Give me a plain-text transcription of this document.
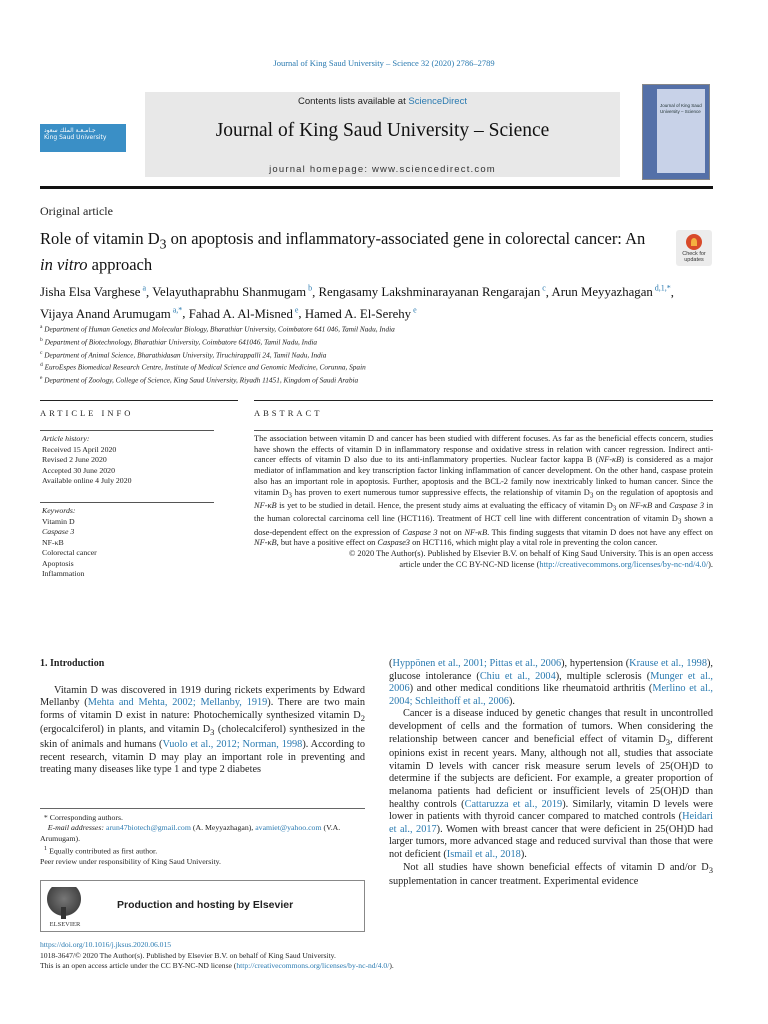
Journal of King Saud University – Science 32 (2020) 2786–2789
جـامـعـة الملك سعود
King Saud University
Contents lists available at ScienceDirect
Journal of King Saud University – Science
journal homepage: www.sciencedirect.com
Journal of King Saud University – Science
Original article
Role of vitamin $D_3$ on apoptosis and inflammatory-associated gene in colorectal cancer: An in vitro approach
Check for updates
Jisha Elsa Varghese $^a$, Velayuthaprabhu Shanmugam $^b$, Rengasamy Lakshminarayanan Rengarajan $^c$, Arun Meyyazhagan $^{d,1,*}$, Vijaya Anand Arumugam $^{a,*}$, Fahad A. Al-Misned $^e$, Hamed A. El-Serehy $^e$
$^a$ Department of Human Genetics and Molecular Biology, Bharathiar University, Coimbatore 641 046, Tamil Nadu, India
$^b$ Department of Biotechnology, Bharathiar University, Coimbatore 641046, Tamil Nadu, India
$^c$ Department of Animal Science, Bharathidasan University, Tiruchirappalli 24, Tamil Nadu, India
$^d$ EuroEspes Biomedical Research Centre, Institute of Medical Science and Genomic Medicine, Corunna, Spain
$^e$ Department of Zoology, College of Science, King Saud University, Riyadh 11451, Kingdom of Saudi Arabia
ARTICLE INFO	ABSTRACT
Article history:
Received 15 April 2020
Revised 2 June 2020
Accepted 30 June 2020
Available online 4 July 2020
Keywords:
Vitamin D
Caspase 3
NF-κB
Colorectal cancer
Apoptosis
Inflammation

The association between vitamin D and cancer has been studied with different focuses. As far as the beneficial effects concern, studies have shown the effects of vitamin D in inflammatory response and oxidative stress in relation with cancer regression. Indirect anti-cancer effects of vitamin D also due to its anti-inflammatory properties. Nuclear factor kappa B (NF-κB) is considered as a major mediator of inflammation and key transcription factor linking inflammation of cancer development. On the other hand, caspase protein also has an important role in apoptosis. Further, apoptosis and the BCL-2 family now inextricably linked to human cancer. Since the vitamin $D_3$ has proven to exert numerous tumor suppressive effects, the relationship of vitamin $D_3$ on the regulation of apoptosis and NF-κB is yet to be studied in detail. Hence, the present study aims at evaluating the efficacy of vitamin $D_3$ on NF-κB and Caspase 3 in the human colorectal carcinoma cell line (HCT116). Treatment of HCT cell line with different concentration of vitamin $D_3$ shown a dose-dependent effect on the expression of Caspase 3 not on NF-κB. This finding suggests that vitamin D does not have any effect on NF-κB, but have a positive effect on Caspase3 on HCT116, which might play a vital role in preventing the colon cancer.

© 2020 The Author(s). Published by Elsevier B.V. on behalf of King Saud University. This is an open access
article under the CC BY-NC-ND license (http://creativecommons.org/licenses/by-nc-nd/4.0/).

1. Introduction

Vitamin D was discovered in 1919 during rickets experiments by Edward Mellanby (Mehta and Mehta, 2002; Mellanby, 1919). There are two main forms of vitamin D exist in nature: Photochemically synthesized vitamin $D_2$ (ergocalciferol) in plants, and vitamin $D_3$ (cholecalciferol) synthesized in the skin of animals and humans (Vuolo et al., 2012; Norman, 1998). According to recent research, vitamin D may play an important role in preventing and treating many diseases like type 1 and type 2 diabetes

(Hyppönen et al., 2001; Pittas et al., 2006), hypertension (Krause et al., 1998), glucose intolerance (Chiu et al., 2004), multiple sclerosis (Munger et al., 2006) and other medical conditions like rheumatoid arthritis (Merlino et al., 2004; Schleithoff et al., 2006).

Cancer is a disease induced by genetic changes that result in uncontrolled development of cells and the formation of tumors. When considering the relationship between cancer and beneficial effect of vitamin $D_3$, different opinions exist in recent years. Many, although not all, studies that associate vitamin D levels with cancer risk measure serum levels of 25(OH)D to determine if the subjects are deficient. For example, a greater proportion of melanoma patients had deficient or insufficient levels of 25(OH)D than healthy controls (Cattaruzza et al., 2019). Similarly, vitamin D levels were lower in patients with thyroid cancer compared to matched controls (Heidari et al., 2017). Women with breast cancer that were deficient in 25(OH)D had larger tumors, more advanced stage and reduced survival than those that were not deficient (Ismail et al., 2018).

Not all studies have shown beneficial effects of vitamin D and/or $D_3$ supplementation in cancer treatment. Experimental evidence

* Corresponding authors.

E-mail addresses: arun47biotech@gmail.com (A. Meyyazhagan), avamiet@yahoo.com (V.A. Arumugam).

$^1$ Equally contributed as first author.

Peer review under responsibility of King Saud University.

ELSEVIER
Production and hosting by Elsevier

https://doi.org/10.1016/j.jksus.2020.06.015

1018-3647/© 2020 The Author(s). Published by Elsevier B.V. on behalf of King Saud University.

This is an open access article under the CC BY-NC-ND license (http://creativecommons.org/licenses/by-nc-nd/4.0/).
